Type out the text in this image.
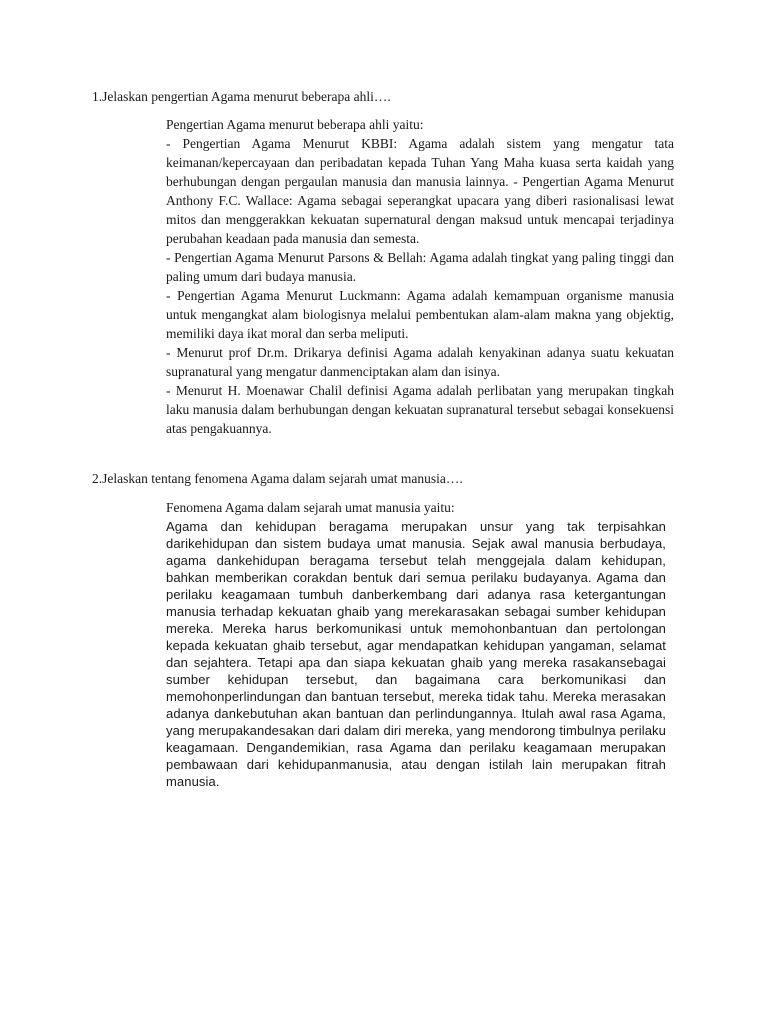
1.Jelaskan pengertian Agama menurut beberapa ahli….
Pengertian Agama menurut beberapa ahli yaitu:

- Pengertian Agama Menurut KBBI: Agama adalah sistem yang mengatur tata keimanan/kepercayaan dan peribadatan kepada Tuhan Yang Maha kuasa serta kaidah yang berhubungan dengan pergaulan manusia dan manusia lainnya. - Pengertian Agama Menurut Anthony F.C. Wallace: Agama sebagai seperangkat upacara yang diberi rasionalisasi lewat mitos dan menggerakkan kekuatan supernatural dengan maksud untuk mencapai terjadinya perubahan keadaan pada manusia dan semesta.

- Pengertian Agama Menurut Parsons & Bellah: Agama adalah tingkat yang paling tinggi dan paling umum dari budaya manusia.

- Pengertian Agama Menurut Luckmann: Agama adalah kemampuan organisme manusia untuk mengangkat alam biologisnya melalui pembentukan alam-alam makna yang objektig, memiliki daya ikat moral dan serba meliputi.

- Menurut prof Dr.m. Drikarya definisi Agama adalah kenyakinan adanya suatu kekuatan supranatural yang mengatur danmenciptakan alam dan isinya.

- Menurut H. Moenawar Chalil definisi Agama adalah perlibatan yang merupakan tingkah laku manusia dalam berhubungan dengan kekuatan supranatural tersebut sebagai konsekuensi atas pengakuannya.

2.Jelaskan tentang fenomena Agama dalam sejarah umat manusia….
Fenomena Agama dalam sejarah umat manusia yaitu:
Agama dan kehidupan beragama merupakan unsur yang tak terpisahkan darikehidupan dan sistem budaya umat manusia. Sejak awal manusia berbudaya, agama dankehidupan beragama tersebut telah menggejala dalam kehidupan, bahkan memberikan corakdan bentuk dari semua perilaku budayanya. Agama dan perilaku keagamaan tumbuh danberkembang dari adanya rasa ketergantungan manusia terhadap kekuatan ghaib yang merekarasakan sebagai sumber kehidupan mereka. Mereka harus berkomunikasi untuk memohonbantuan dan pertolongan kepada kekuatan ghaib tersebut, agar mendapatkan kehidupan yangaman, selamat dan sejahtera. Tetapi apa dan siapa kekuatan ghaib yang mereka rasakansebagai sumber kehidupan tersebut, dan bagaimana cara berkomunikasi dan memohonperlindungan dan bantuan tersebut, mereka tidak tahu. Mereka merasakan adanya dankebutuhan akan bantuan dan perlindungannya. Itulah awal rasa Agama, yang merupakandesakan dari dalam diri mereka, yang mendorong timbulnya perilaku keagamaan. Dengandemikian, rasa Agama dan perilaku keagamaan merupakan pembawaan dari kehidupanmanusia, atau dengan istilah lain merupakan fitrah manusia.
